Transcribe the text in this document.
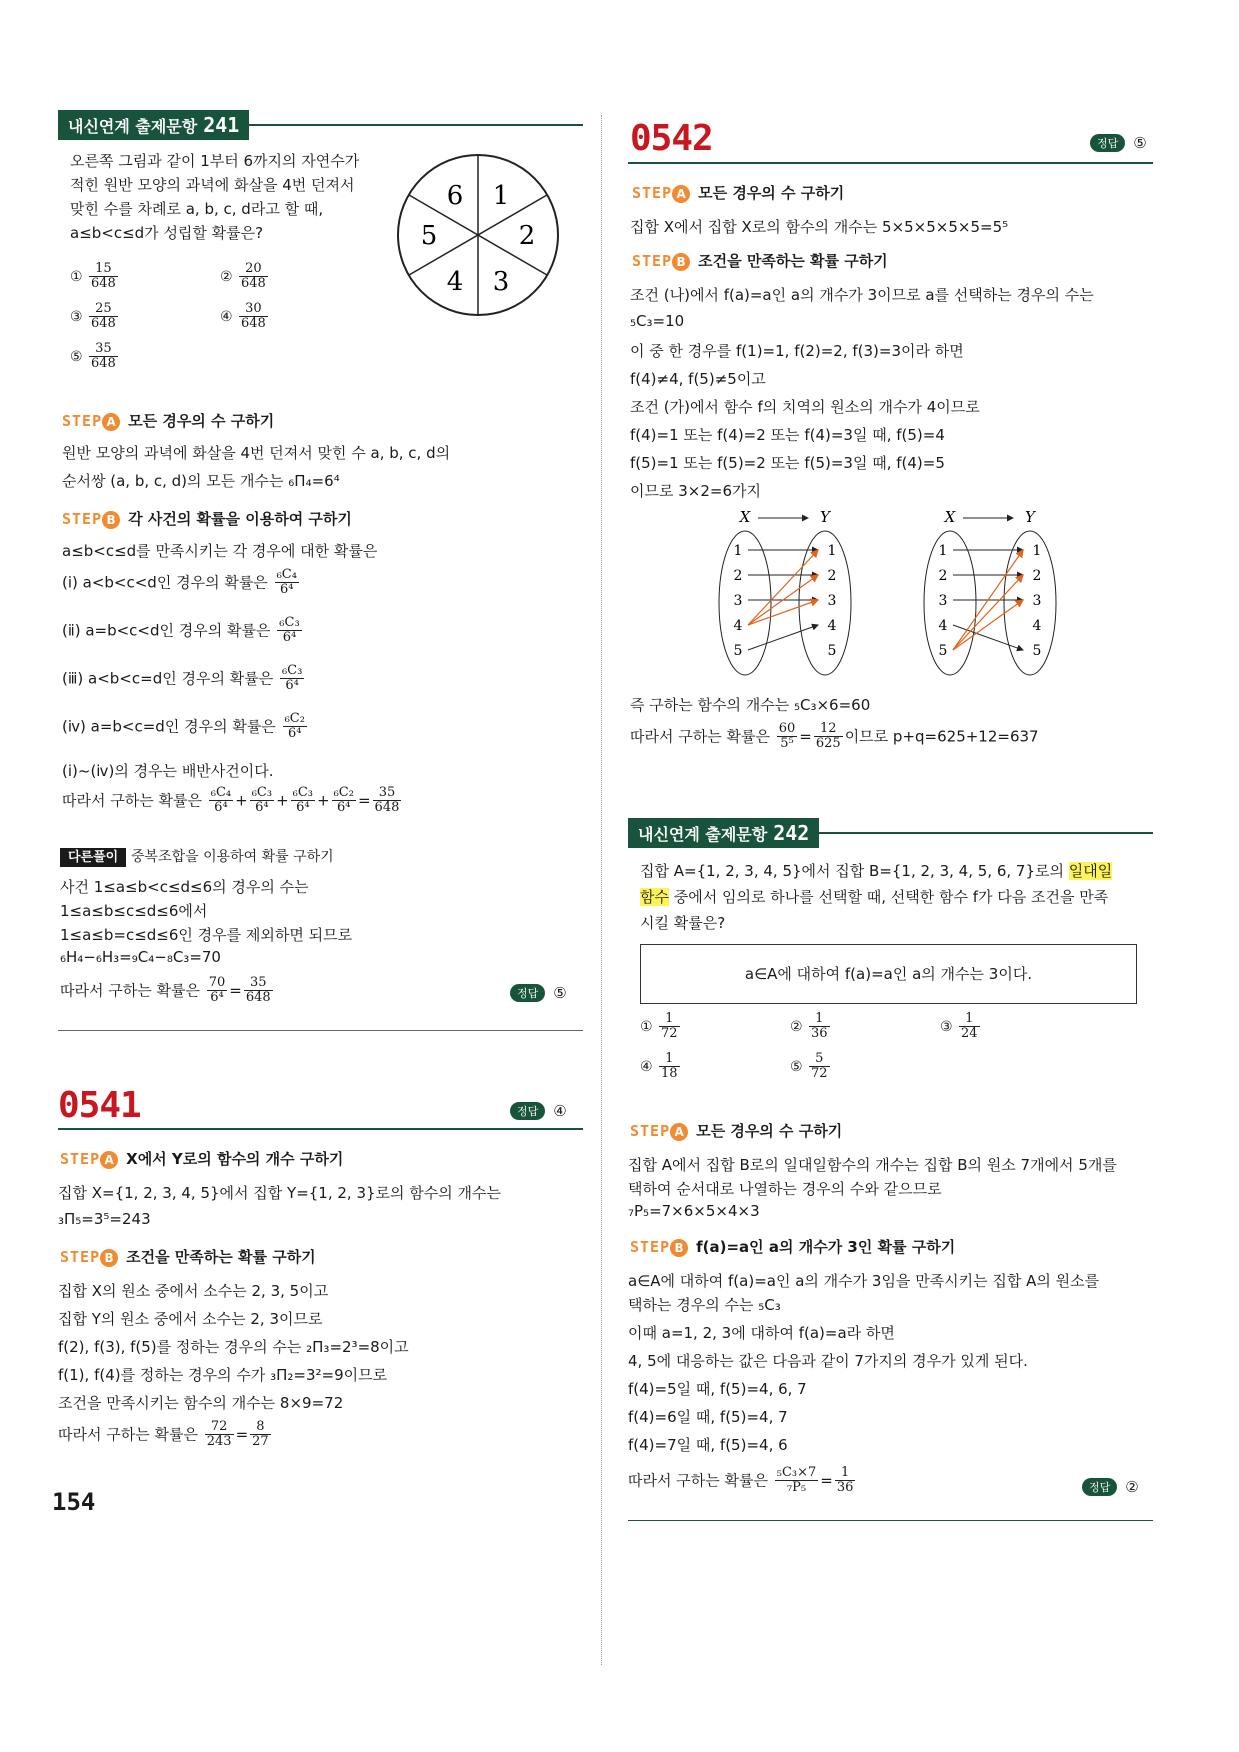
내신연계 출제문항 241
오른쪽 그림과 같이 1부터 6까지의 자연수가
적힌 원반 모양의 과녁에 화살을 4번 던져서
맞힌 수를 차례로 a, b, c, d라고 할 때,
a≤b<c≤d가 성립할 확률은?
6 1
2
3
4
5
① $\frac{15}{648}$	② $\frac{20}{648}$
③ $\frac{25}{648}$	④ $\frac{30}{648}$
⑤ $\frac{35}{648}$
STEP A 모든 경우의 수 구하기
원반 모양의 과녁에 화살을 4번 던져서 맞힌 수 a, b, c, d의
순서쌍 (a, b, c, d)의 모든 개수는 ₆Π₄=6⁴
STEP B 각 사건의 확률을 이용하여 구하기
a≤b<c≤d를 만족시키는 각 경우에 대한 확률은
(ⅰ) a<b<c<d인 경우의 확률은 $\frac{\text{₆C₄}}{\text{6⁴}}$
(ⅱ) a=b<c<d인 경우의 확률은 $\frac{\text{₆C₃}}{\text{6⁴}}$
(ⅲ) a<b<c=d인 경우의 확률은 $\frac{\text{₆C₃}}{\text{6⁴}}$
(ⅳ) a=b<c=d인 경우의 확률은 $\frac{\text{₆C₂}}{\text{6⁴}}$
(ⅰ)~(ⅳ)의 경우는 배반사건이다.
따라서 구하는 확률은 $\frac{\text{₆C₄}}{\text{6⁴}} + \frac{\text{₆C₃}}{\text{6⁴}} + \frac{\text{₆C₃}}{\text{6⁴}} + \frac{\text{₆C₂}}{\text{6⁴}} = \frac{35}{648}$
다른풀이 중복조합을 이용하여 확률 구하기
사건 1≤a≤b<c≤d≤6의 경우의 수는
1≤a≤b≤c≤d≤6에서
1≤a≤b=c≤d≤6인 경우를 제외하면 되므로
₆H₄−₆H₃=₉C₄−₈C₃=70
따라서 구하는 확률은 $\frac{70}{\text{6⁴}} = \frac{35}{648}$	정답	⑤
0541	정답	④
STEP A X에서 Y로의 함수의 개수 구하기
집합 X={1, 2, 3, 4, 5}에서 집합 Y={1, 2, 3}로의 함수의 개수는
₃Π₅=3⁵=243
STEP B 조건을 만족하는 확률 구하기
집합 X의 원소 중에서 소수는 2, 3, 5이고
집합 Y의 원소 중에서 소수는 2, 3이므로
f(2), f(3), f(5)를 정하는 경우의 수는 ₂Π₃=2³=8이고
f(1), f(4)를 정하는 경우의 수가 ₃Π₂=3²=9이므로
조건을 만족시키는 함수의 개수는 8×9=72
따라서 구하는 확률은 $\frac{72}{243} = \frac{8}{27}$
154
0542	정답	⑤
STEP A 모든 경우의 수 구하기
집합 X에서 집합 X로의 함수의 개수는 5×5×5×5×5=5⁵
STEP B 조건을 만족하는 확률 구하기
조건 (나)에서 f(a)=a인 a의 개수가 3이므로 a를 선택하는 경우의 수는
₅C₃=10
이 중 한 경우를 f(1)=1, f(2)=2, f(3)=3이라 하면
f(4)≠4, f(5)≠5이고
조건 (가)에서 함수 f의 치역의 원소의 개수가 4이므로
f(4)=1 또는 f(4)=2 또는 f(4)=3일 때, f(5)=4
f(5)=1 또는 f(5)=2 또는 f(5)=3일 때, f(4)=5
이므로 3×2=6가지
X	Y
1
2
3
4
5
1
2
3
4
5
X	Y
1
2
3
4
5
1
2
3
4
5
즉 구하는 함수의 개수는 ₅C₃×6=60
따라서 구하는 확률은 $\frac{60}{\text{5⁵}} = \frac{12}{625}$ 이므로 p+q=625+12=637
내신연계 출제문항 242
집합 A={1, 2, 3, 4, 5}에서 집합 B={1, 2, 3, 4, 5, 6, 7}로의 일대일
함수 중에서 임의로 하나를 선택할 때, 선택한 함수 f가 다음 조건을 만족
시킬 확률은?
a∈A에 대하여 f(a)=a인 a의 개수는 3이다.
① $\frac{1}{72}$	② $\frac{1}{36}$	③ $\frac{1}{24}$
④ $\frac{1}{18}$	⑤ $\frac{5}{72}$
STEP A 모든 경우의 수 구하기
집합 A에서 집합 B로의 일대일함수의 개수는 집합 B의 원소 7개에서 5개를
택하여 순서대로 나열하는 경우의 수와 같으므로
₇P₅=7×6×5×4×3
STEP B f(a)=a인 a의 개수가 3인 확률 구하기
a∈A에 대하여 f(a)=a인 a의 개수가 3임을 만족시키는 집합 A의 원소를
택하는 경우의 수는 ₅C₃
이때 a=1, 2, 3에 대하여 f(a)=a라 하면
4, 5에 대응하는 값은 다음과 같이 7가지의 경우가 있게 된다.
f(4)=5일 때, f(5)=4, 6, 7
f(4)=6일 때, f(5)=4, 7
f(4)=7일 때, f(5)=4, 6
따라서 구하는 확률은 $\frac{\text{₅C₃×7}}{\text{₇P₅}} = \frac{1}{36}$	정답	②
